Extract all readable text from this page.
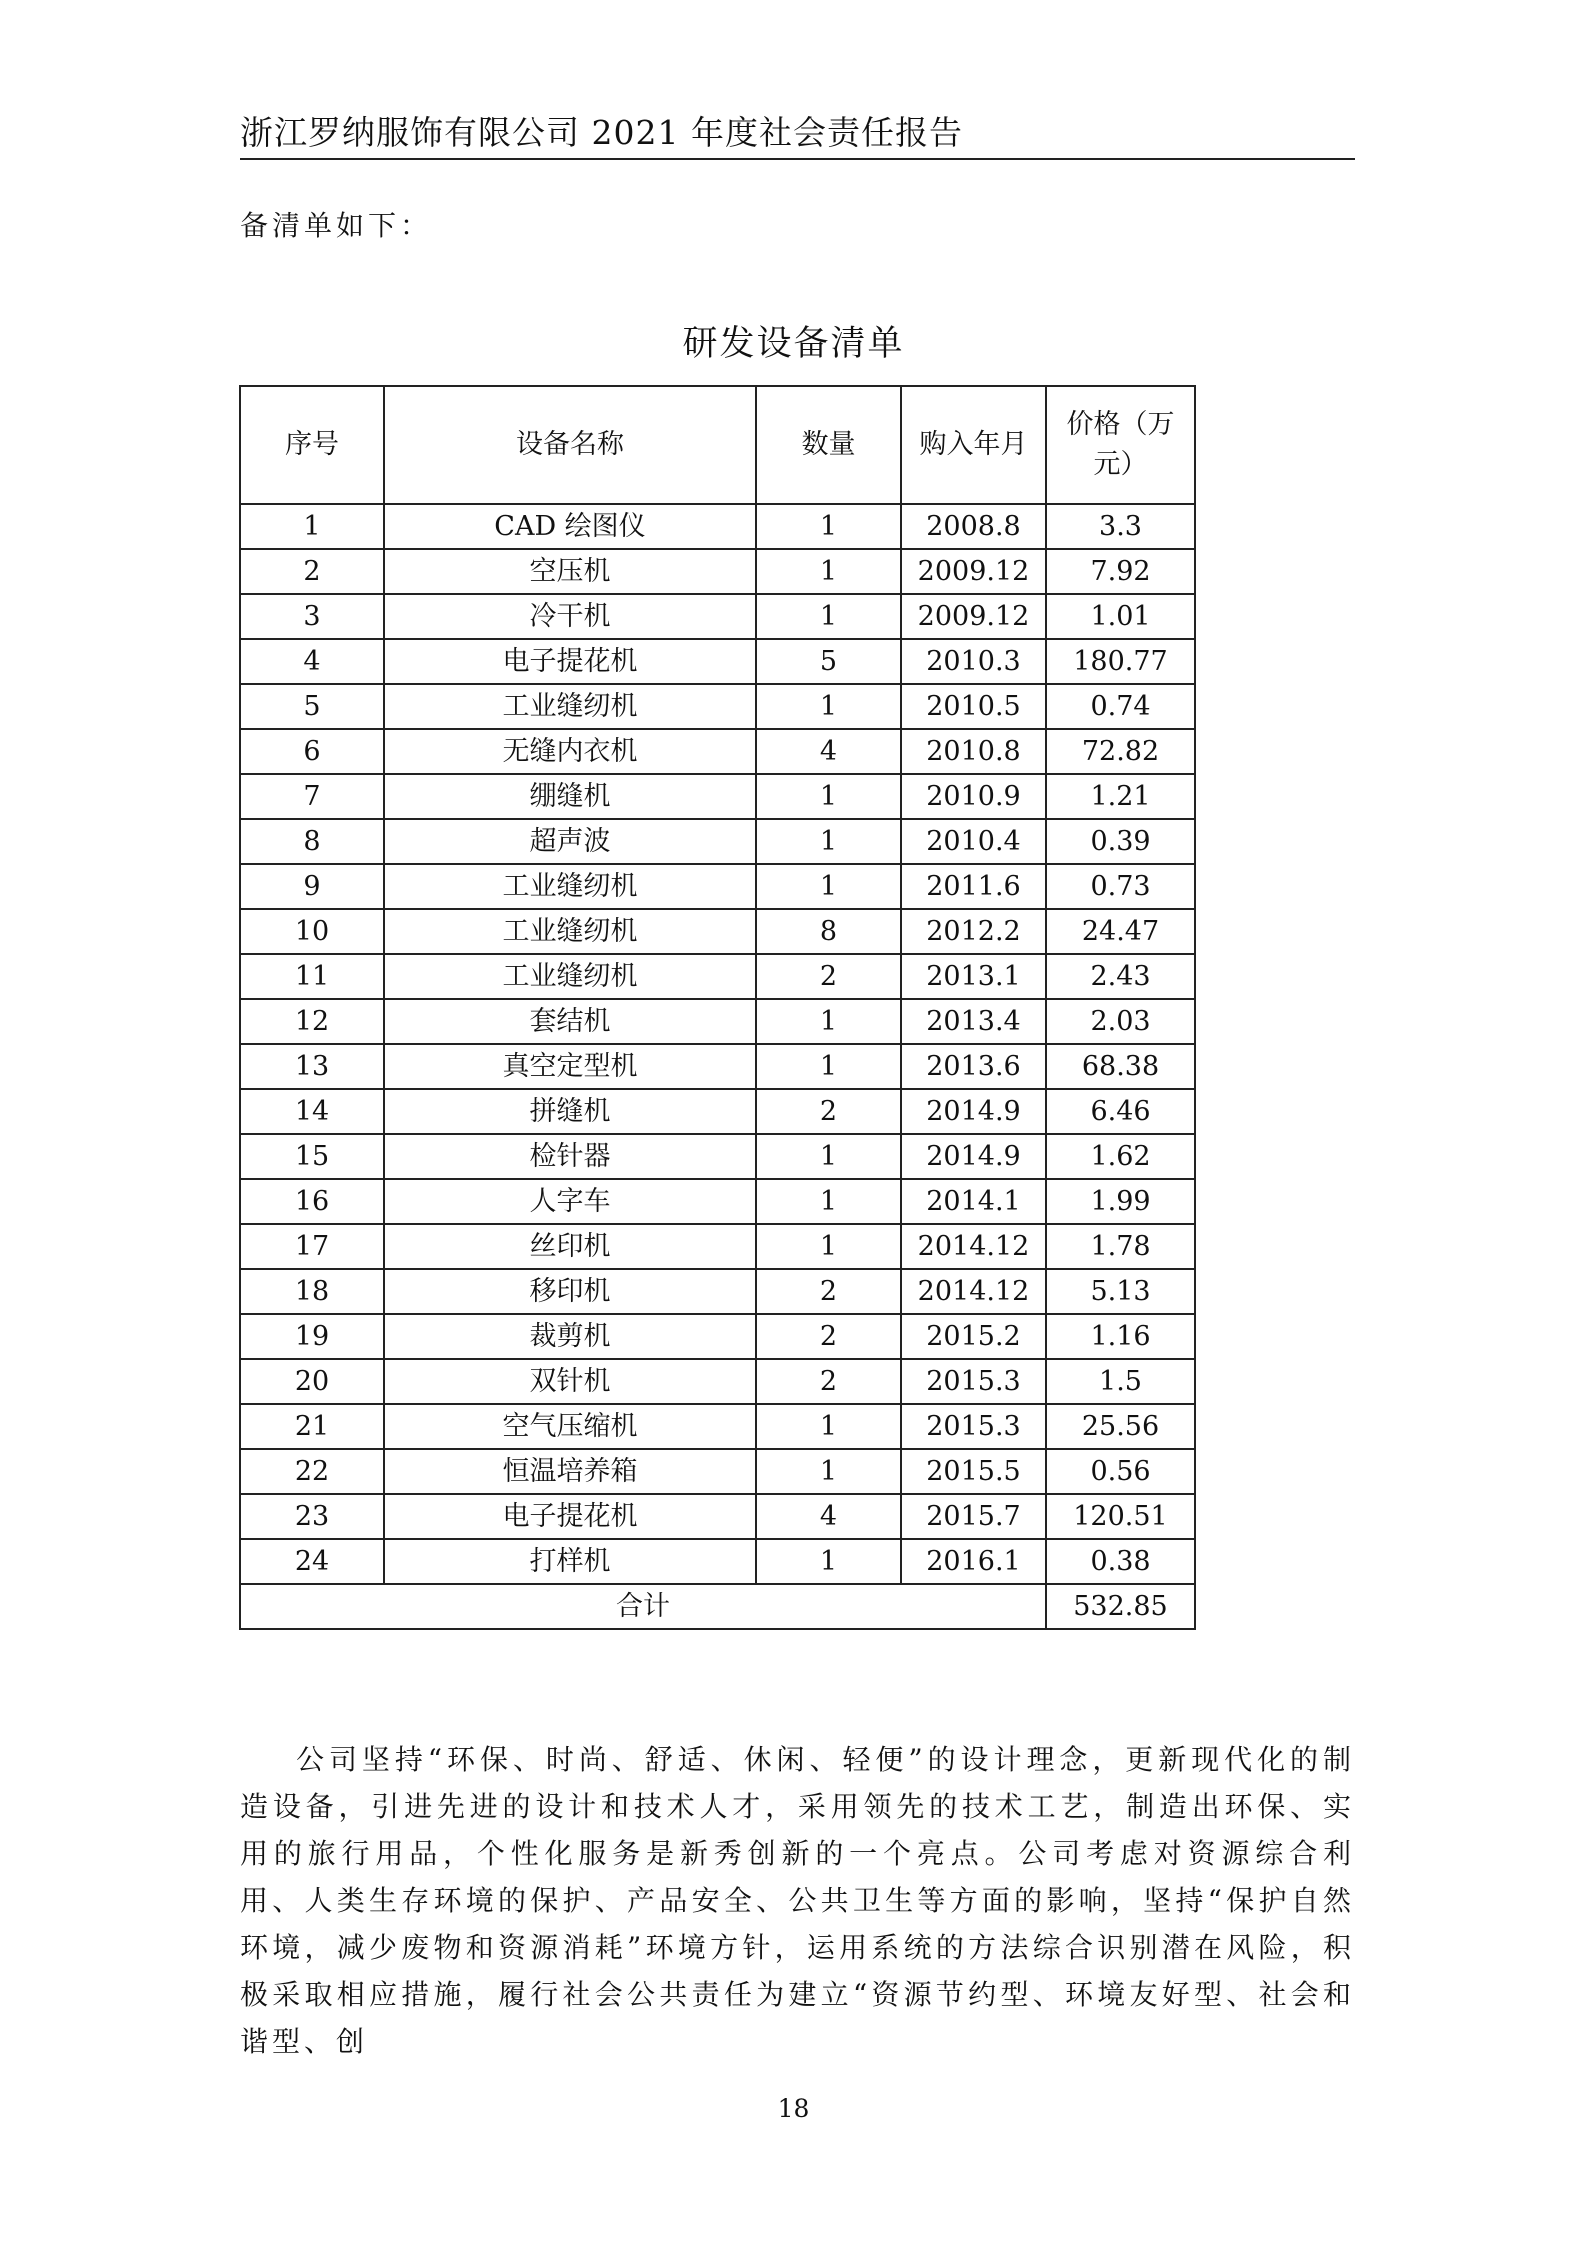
浙江罗纳服饰有限公司 2021 年度社会责任报告
备清单如下：
研发设备清单
序号	设备名称	数量	购入年月	价格（万元）

1	CAD 绘图仪	1	2008.8	3.3
2	空压机	1	2009.12	7.92
3	冷干机	1	2009.12	1.01
4	电子提花机	5	2010.3	180.77
5	工业缝纫机	1	2010.5	0.74
6	无缝内衣机	4	2010.8	72.82
7	绷缝机	1	2010.9	1.21
8	超声波	1	2010.4	0.39
9	工业缝纫机	1	2011.6	0.73
10	工业缝纫机	8	2012.2	24.47
11	工业缝纫机	2	2013.1	2.43
12	套结机	1	2013.4	2.03
13	真空定型机	1	2013.6	68.38
14	拼缝机	2	2014.9	6.46
15	检针器	1	2014.9	1.62
16	人字车	1	2014.1	1.99
17	丝印机	1	2014.12	1.78
18	移印机	2	2014.12	5.13
19	裁剪机	2	2015.2	1.16
20	双针机	2	2015.3	1.5
21	空气压缩机	1	2015.3	25.56
22	恒温培养箱	1	2015.5	0.56
23	电子提花机	4	2015.7	120.51
24	打样机	1	2016.1	0.38
合计				532.85

公司坚持“环保、时尚、舒适、休闲、轻便”的设计理念，更新现代化的制造设备，引进先进的设计和技术人才，采用领先的技术工艺，制造出环保、实用的旅行用品，个性化服务是新秀创新的一个亮点。公司考虑对资源综合利用、人类生存环境的保护、产品安全、公共卫生等方面的影响，坚持“保护自然环境，减少废物和资源消耗”环境方针，运用系统的方法综合识别潜在风险，积极采取相应措施，履行社会公共责任为建立“资源节约型、环境友好型、社会和谐型、创

18
